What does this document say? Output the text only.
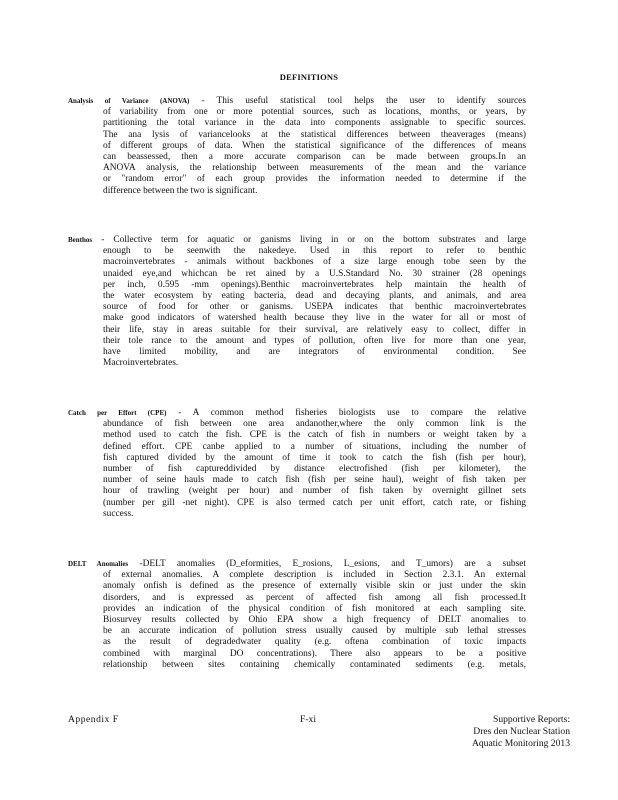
DEFINITIONS
Analysis of Variance (ANOVA) - This useful statistical tool helps the user to identify sources
of variability from one or more potential sources, such as locations, months, or years, by
partitioning the total variance in the data into components assignable to specific sources.
The ana lysis of variancelooks at the statistical differences between theaverages (means)
of different groups of data. When the statistical significance of the differences of means
can beassessed, then a more accurate comparison can be made between groups.In an
ANOVA analysis, the relationship between measurements of the mean and the variance
or "random error" of each group provides the information needed to determine if the
difference between the two is significant.
Benthos - Collective term for aquatic or ganisms living in or on the bottom substrates and large
enough to be seenwith the nakedeye. Used in this report to refer to benthic
macroinvertebrates - animals without backbones of a size large enough tobe seen by the
unaided eye,and whichcan be ret ained by a U.S.Standard No. 30 strainer (28 openings
per inch, 0.595 -mm openings).Benthic macroinvertebrates help maintain the health of
the water ecosystem by eating bacteria, dead and decaying plants, and animals, and area
source of food for other or ganisms. USEPA indicates that benthic macroinvertebrates
make good indicators of watershed health because they live in the water for all or most of
their life, stay in areas suitable for their survival, are relatively easy to collect, differ in
their tole rance to the amount and types of pollution, often live for more than one year,
have limited mobility, and are integrators of environmental condition. See
Macroinvertebrates.
Catch per Effort (CPE) - A common method fisheries biologists use to compare the relative
abundance of fish between one area andanother,where the only common link is the
method used to catch the fish. CPE is the catch of fish in numbers or weight taken by a
defined effort. CPE canbe applied to a number of situations, including the number of
fish captured divided by the amount of time it took to catch the fish (fish per hour),
number of fish captureddivided by distance electrofished (fish per kilometer), the
number of seine hauls made to catch fish (fish per seine haul), weight of fish taken per
hour of trawling (weight per hour) and number of fish taken by overnight gillnet sets
(number per gill -net night). CPE is also termed catch per unit effort, catch rate, or fishing
success.
DELT Anomalies -DELT anomalies (D_eformities, E_rosions, L_esions, and T_umors) are a subset
of external anomalies. A complete description is included in Section 2.3.1. An external
anomaly onfish is defined as the presence of externally visible skin or just under the skin
disorders, and is expressed as percent of affected fish among all fish processed.It
provides an indication of the physical condition of fish monitored at each sampling site.
Biosurvey results collected by Ohio EPA show a high frequency of DELT anomalies to
be an accurate indication of pollution stress usually caused by multiple sub lethal stresses
as the result of degradedwater quality (e.g. oftena combination of toxic impacts
combined with marginal DO concentrations). There also appears to be a positive
relationship between sites containing chemically contaminated sediments (e.g. metals,
Appendix F	F-xi	Supportive Reports:
Dres den Nuclear Station
Aquatic Monitoring 2013
